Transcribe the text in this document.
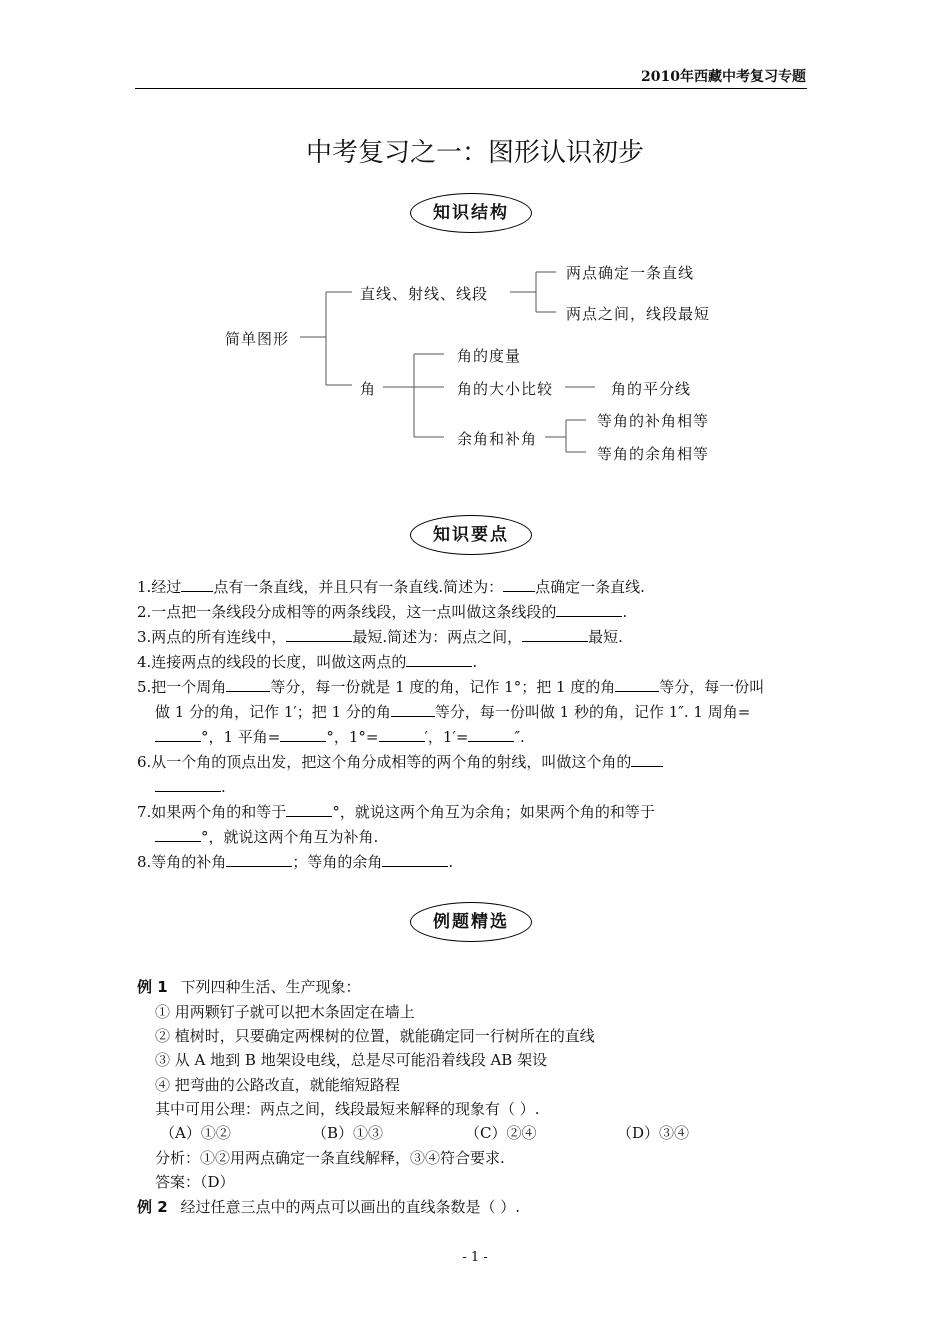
2010年西藏中考复习专题
中考复习之一：图形认识初步
知识结构
简单图形
直线、射线、线段
两点确定一条直线
两点之间，线段最短
角
角的度量
角的大小比较
余角和补角
角的平分线
等角的补角相等
等角的余角相等
知识要点
1.经过 点有一条直线，并且只有一条直线.简述为： 点确定一条直线.
2.一点把一条线段分成相等的两条线段，这一点叫做这条线段的	.
3.两点的所有连线中，	最短.简述为：两点之间，	最短.
4.连接两点的线段的长度，叫做这两点的	.
5.把一个周角	等分，每一份就是 1 度的角，记作 1°；把 1 度的角	等分，每一份叫
做 1 分的角，记作 1′；把 1 分的角	等分，每一份叫做 1 秒的角，记作 1″. 1 周角=
°，1 平角=	°，1°=	′，1′=	″.
6.从一个角的顶点出发，把这个角分成相等的两个角的射线，叫做这个角的
.
7.如果两个角的和等于	°，就说这两个角互为余角；如果两个角的和等于
°，就说这两个角互为补角.
8.等角的补角	；等角的余角	.
例题精选
例 1 下列四种生活、生产现象：
① 用两颗钉子就可以把木条固定在墙上
② 植树时，只要确定两棵树的位置，就能确定同一行树所在的直线
③ 从 A 地到 B 地架设电线，总是尽可能沿着线段 AB 架设
④ 把弯曲的公路改直，就能缩短路程
其中可用公理：两点之间，线段最短来解释的现象有（ ）.
（A）①②	（B）①③	（C）②④	（D）③④
分析：①②用两点确定一条直线解释，③④符合要求.
答案：（D）
例 2 经过任意三点中的两点可以画出的直线条数是（ ）.
- 1 -
